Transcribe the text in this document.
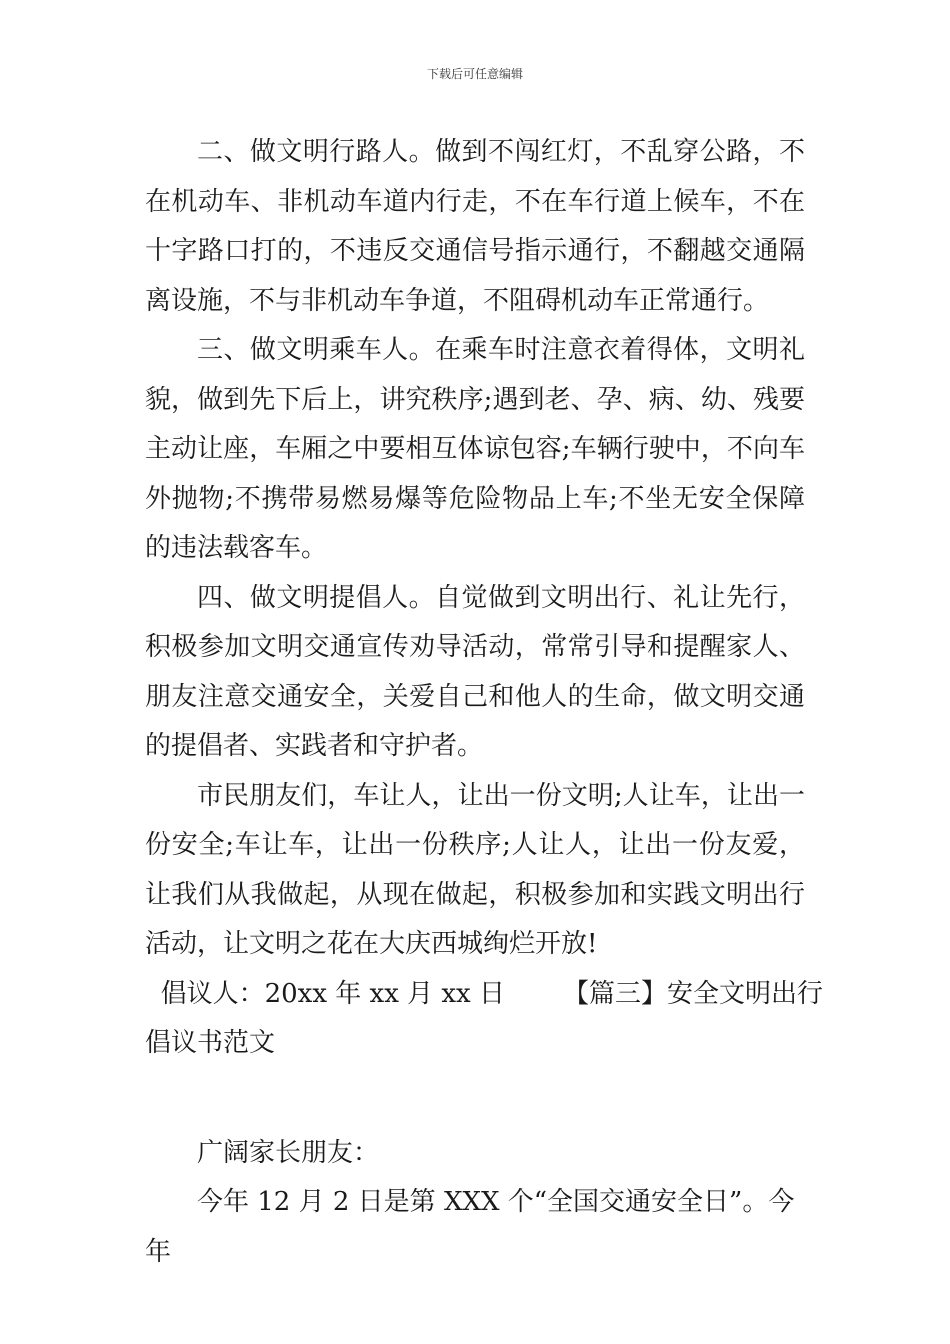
下载后可任意编辑

二、做文明行路人。做到不闯红灯，不乱穿公路，不在机动车、非机动车道内行走，不在车行道上候车，不在十字路口打的，不违反交通信号指示通行，不翻越交通隔离设施，不与非机动车争道，不阻碍机动车正常通行。

三、做文明乘车人。在乘车时注意衣着得体，文明礼貌，做到先下后上，讲究秩序;遇到老、孕、病、幼、残要主动让座，车厢之中要相互体谅包容;车辆行驶中，不向车外抛物;不携带易燃易爆等危险物品上车;不坐无安全保障的违法载客车。

四、做文明提倡人。自觉做到文明出行、礼让先行，积极参加文明交通宣传劝导活动，常常引导和提醒家人、朋友注意交通安全，关爱自己和他人的生命，做文明交通的提倡者、实践者和守护者。

市民朋友们，车让人，让出一份文明;人让车，让出一份安全;车让车，让出一份秩序;人让人，让出一份友爱，让我们从我做起，从现在做起，积极参加和实践文明出行活动，让文明之花在大庆西城绚烂开放!

倡议人：20xx 年 xx 月 xx 日 【篇三】安全文明出行

倡议书范文

广阔家长朋友：

今年 12 月 2 日是第 XXX 个“全国交通安全日”。今年
